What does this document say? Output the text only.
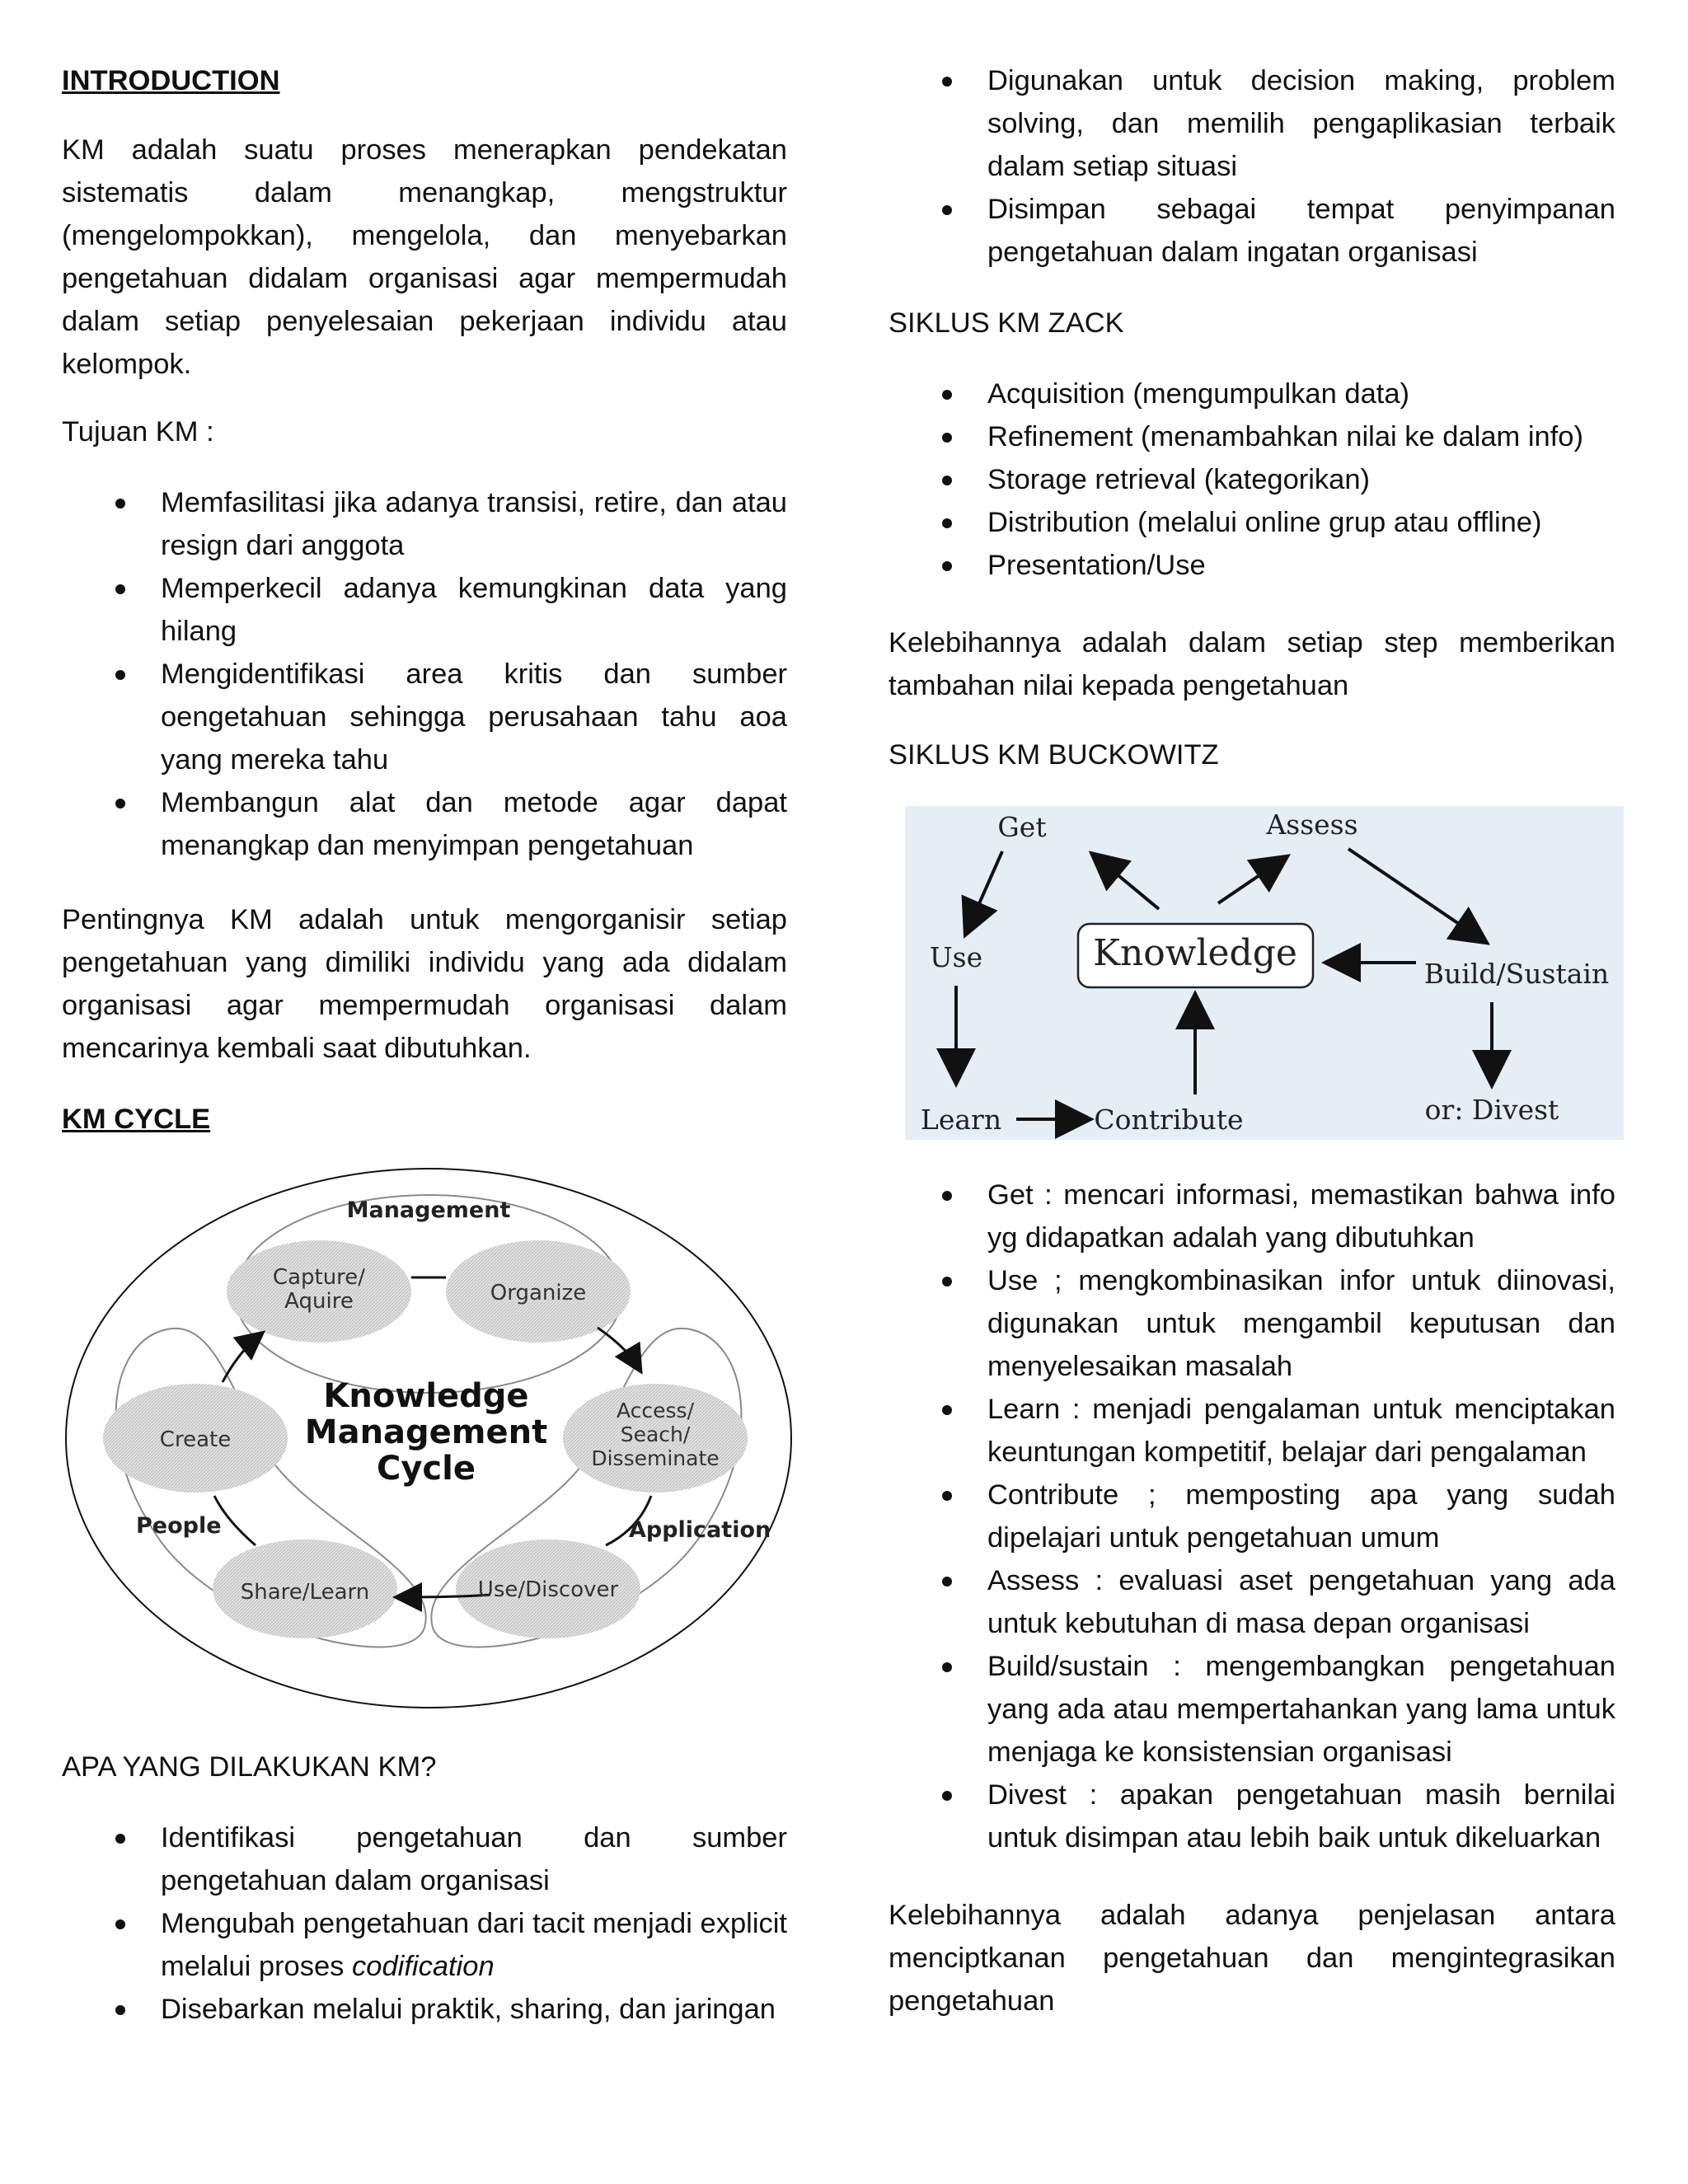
INTRODUCTION

KM adalah suatu proses menerapkan pendekatan sistematis dalam menangkap, mengstruktur (mengelompokkan), mengelola, dan menyebarkan pengetahuan didalam organisasi agar mempermudah dalam setiap penyelesaian pekerjaan individu atau kelompok.

Tujuan KM :

Memfasilitasi jika adanya transisi, retire, dan atau resign dari anggota
Memperkecil adanya kemungkinan data yang hilang
Mengidentifikasi area kritis dan sumber oengetahuan sehingga perusahaan tahu aoa yang mereka tahu
Membangun alat dan metode agar dapat menangkap dan menyimpan pengetahuan

Pentingnya KM adalah untuk mengorganisir setiap pengetahuan yang dimiliki individu yang ada didalam organisasi agar mempermudah organisasi dalam mencarinya kembali saat dibutuhkan.

KM CYCLE

Management
Capture/
Aquire	Organize
Access/
Seach/
Disseminate
Use/Discover
Share/Learn
Create
People	Application
Knowledge
Management
Cycle

APA YANG DILAKUKAN KM?

Identifikasi pengetahuan dan sumber pengetahuan dalam organisasi
Mengubah pengetahuan dari tacit menjadi explicit melalui proses codification
Disebarkan melalui praktik, sharing, dan jaringan
Digunakan untuk decision making, problem solving, dan memilih pengaplikasian terbaik dalam setiap situasi
Disimpan sebagai tempat penyimpanan pengetahuan dalam ingatan organisasi

SIKLUS KM ZACK

Acquisition (mengumpulkan data)
Refinement (menambahkan nilai ke dalam info)
Storage retrieval (kategorikan)
Distribution (melalui online grup atau offline)
Presentation/Use

Kelebihannya adalah dalam setiap step memberikan tambahan nilai kepada pengetahuan

SIKLUS KM BUCKOWITZ

Get	Assess
Use	Knowledge	Build/Sustain
Learn	Contribute	or: Divest
Get : mencari informasi, memastikan bahwa info yg didapatkan adalah yang dibutuhkan
Use ; mengkombinasikan infor untuk diinovasi, digunakan untuk mengambil keputusan dan menyelesaikan masalah
Learn : menjadi pengalaman untuk menciptakan keuntungan kompetitif, belajar dari pengalaman
Contribute ; memposting apa yang sudah dipelajari untuk pengetahuan umum
Assess : evaluasi aset pengetahuan yang ada untuk kebutuhan di masa depan organisasi
Build/sustain : mengembangkan pengetahuan yang ada atau mempertahankan yang lama untuk menjaga ke konsistensian organisasi
Divest : apakan pengetahuan masih bernilai untuk disimpan atau lebih baik untuk dikeluarkan

Kelebihannya adalah adanya penjelasan antara menciptkanan pengetahuan dan mengintegrasikan pengetahuan
